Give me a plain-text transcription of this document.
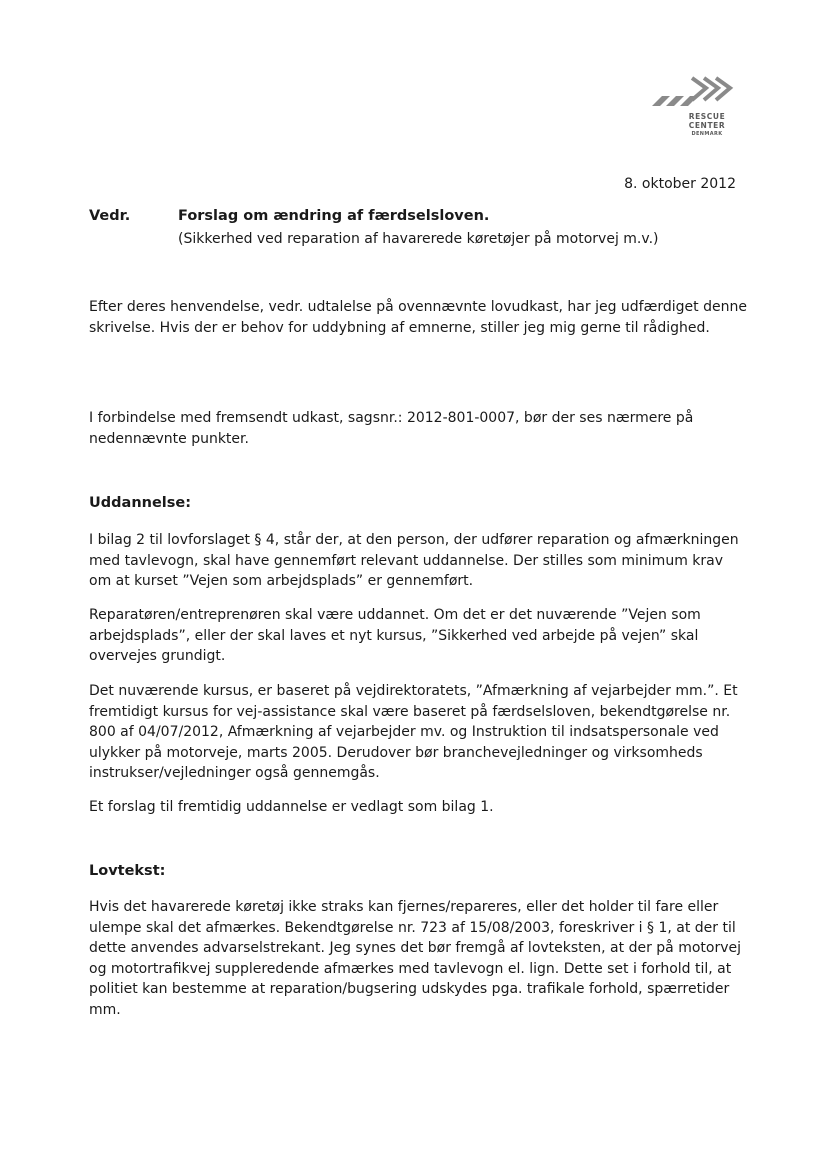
RESCUE
CENTER
DENMARK
8. oktober 2012
Vedr.	Forslag om ændring af færdselsloven.
(Sikkerhed ved reparation af havarerede køretøjer på motorvej m.v.)

Efter deres henvendelse, vedr. udtalelse på ovennævnte lovudkast, har jeg udfærdiget denne skrivelse. Hvis der er behov for uddybning af emnerne, stiller jeg mig gerne til rådighed.

I forbindelse med fremsendt udkast, sagsnr.: 2012-801-0007, bør der ses nærmere på nedennævnte punkter.

Uddannelse:

I bilag 2 til lovforslaget § 4, står der, at den person, der udfører reparation og afmærkningen med tavlevogn, skal have gennemført relevant uddannelse. Der stilles som minimum krav om at kurset ”Vejen som arbejdsplads” er gennemført.

Reparatøren/entreprenøren skal være uddannet. Om det er det nuværende ”Vejen som arbejdsplads”, eller der skal laves et nyt kursus, ”Sikkerhed ved arbejde på vejen” skal overvejes grundigt.

Det nuværende kursus, er baseret på vejdirektoratets, ”Afmærkning af vejarbejder mm.”. Et fremtidigt kursus for vej-assistance skal være baseret på færdselsloven, bekendtgørelse nr. 800 af 04/07/2012, Afmærkning af vejarbejder mv. og Instruktion til indsatspersonale ved ulykker på motorveje, marts 2005. Derudover bør branchevejledninger og virksomheds instrukser/vejledninger også gennemgås.

Et forslag til fremtidig uddannelse er vedlagt som bilag 1.

Lovtekst:

Hvis det havarerede køretøj ikke straks kan fjernes/repareres, eller det holder til fare eller ulempe skal det afmærkes. Bekendtgørelse nr. 723 af 15/08/2003, foreskriver i § 1, at der til dette anvendes advarselstrekant. Jeg synes det bør fremgå af lovteksten, at der på motorvej og motortrafikvej suppleredende afmærkes med tavlevogn el. lign. Dette set i forhold til, at politiet kan bestemme at reparation/bugsering udskydes pga. trafikale forhold, spærretider mm.
